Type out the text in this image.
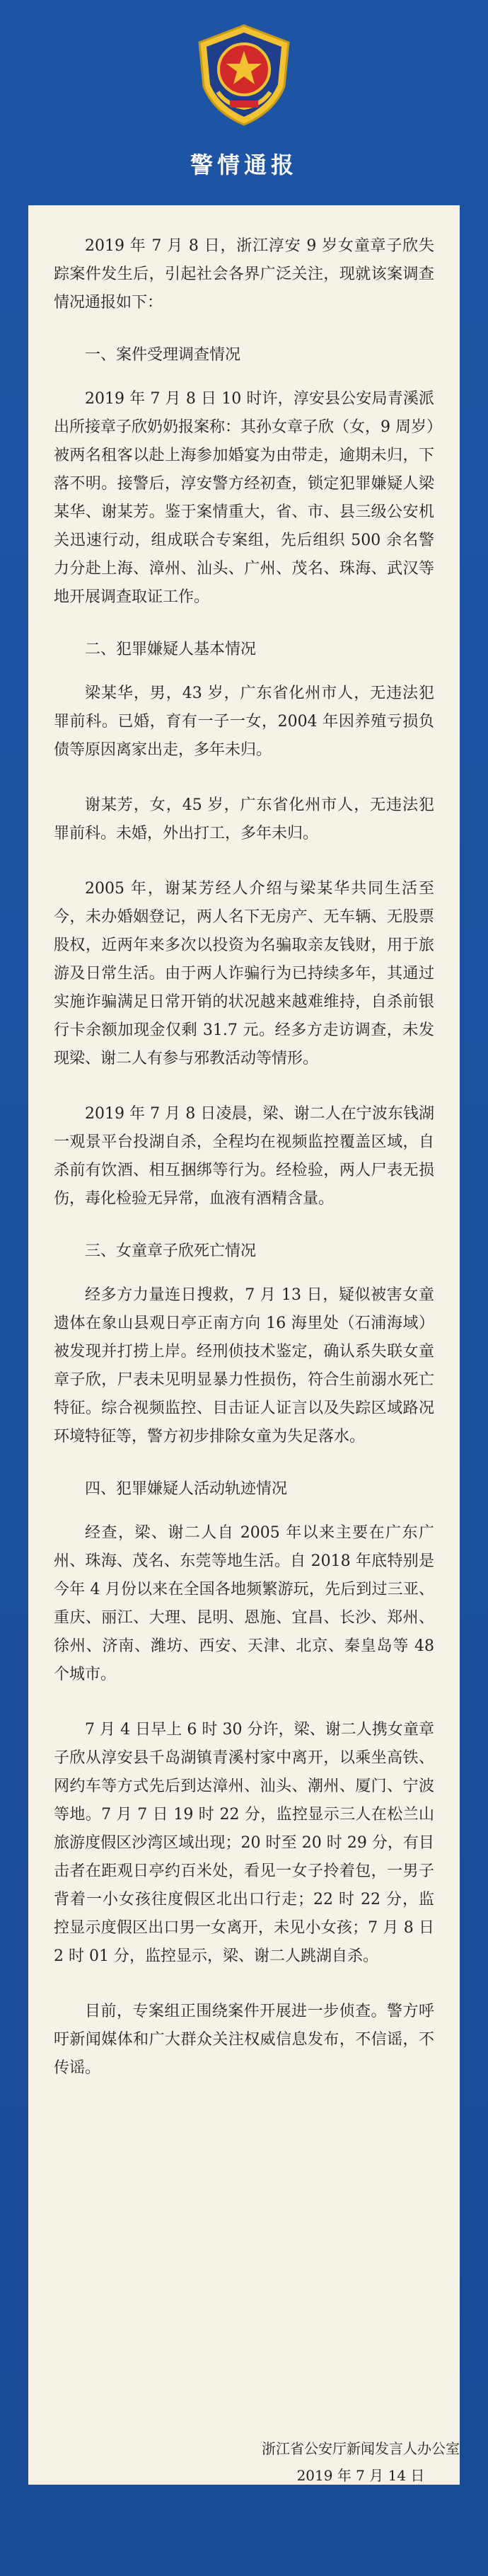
警情通报

2019 年 7 月 8 日，浙江淳安 9 岁女童章子欣失踪案件发生后，引起社会各界广泛关注，现就该案调查情况通报如下：

一、案件受理调查情况

2019 年 7 月 8 日 10 时许，淳安县公安局青溪派出所接章子欣奶奶报案称：其孙女章子欣（女，9 周岁）被两名租客以赴上海参加婚宴为由带走，逾期未归，下落不明。接警后，淳安警方经初查，锁定犯罪嫌疑人梁某华、谢某芳。鉴于案情重大，省、市、县三级公安机关迅速行动，组成联合专案组，先后组织 500 余名警力分赴上海、漳州、汕头、广州、茂名、珠海、武汉等地开展调查取证工作。

二、犯罪嫌疑人基本情况

梁某华，男，43 岁，广东省化州市人，无违法犯罪前科。已婚，育有一子一女，2004 年因养殖亏损负债等原因离家出走，多年未归。

谢某芳，女，45 岁，广东省化州市人，无违法犯罪前科。未婚，外出打工，多年未归。

2005 年，谢某芳经人介绍与梁某华共同生活至今，未办婚姻登记，两人名下无房产、无车辆、无股票股权，近两年来多次以投资为名骗取亲友钱财，用于旅游及日常生活。由于两人诈骗行为已持续多年，其通过实施诈骗满足日常开销的状况越来越难维持，自杀前银行卡余额加现金仅剩 31.7 元。经多方走访调查，未发现梁、谢二人有参与邪教活动等情形。

2019 年 7 月 8 日凌晨，梁、谢二人在宁波东钱湖一观景平台投湖自杀，全程均在视频监控覆盖区域，自杀前有饮酒、相互捆绑等行为。经检验，两人尸表无损伤，毒化检验无异常，血液有酒精含量。

三、女童章子欣死亡情况

经多方力量连日搜救，7 月 13 日，疑似被害女童遗体在象山县观日亭正南方向 16 海里处（石浦海域）被发现并打捞上岸。经刑侦技术鉴定，确认系失联女童章子欣，尸表未见明显暴力性损伤，符合生前溺水死亡特征。综合视频监控、目击证人证言以及失踪区域路况环境特征等，警方初步排除女童为失足落水。

四、犯罪嫌疑人活动轨迹情况

经查，梁、谢二人自 2005 年以来主要在广东广州、珠海、茂名、东莞等地生活。自 2018 年底特别是今年 4 月份以来在全国各地频繁游玩，先后到过三亚、重庆、丽江、大理、昆明、恩施、宜昌、长沙、郑州、徐州、济南、潍坊、西安、天津、北京、秦皇岛等 48 个城市。

7 月 4 日早上 6 时 30 分许，梁、谢二人携女童章子欣从淳安县千岛湖镇青溪村家中离开，以乘坐高铁、网约车等方式先后到达漳州、汕头、潮州、厦门、宁波等地。7 月 7 日 19 时 22 分，监控显示三人在松兰山旅游度假区沙湾区域出现；20 时至 20 时 29 分，有目击者在距观日亭约百米处，看见一女子拎着包，一男子背着一小女孩往度假区北出口行走；22 时 22 分，监控显示度假区出口男一女离开，未见小女孩；7 月 8 日 2 时 01 分，监控显示，梁、谢二人跳湖自杀。

目前，专案组正围绕案件开展进一步侦查。警方呼吁新闻媒体和广大群众关注权威信息发布，不信谣，不传谣。

浙江省公安厅新闻发言人办公室
2019 年 7 月 14 日
